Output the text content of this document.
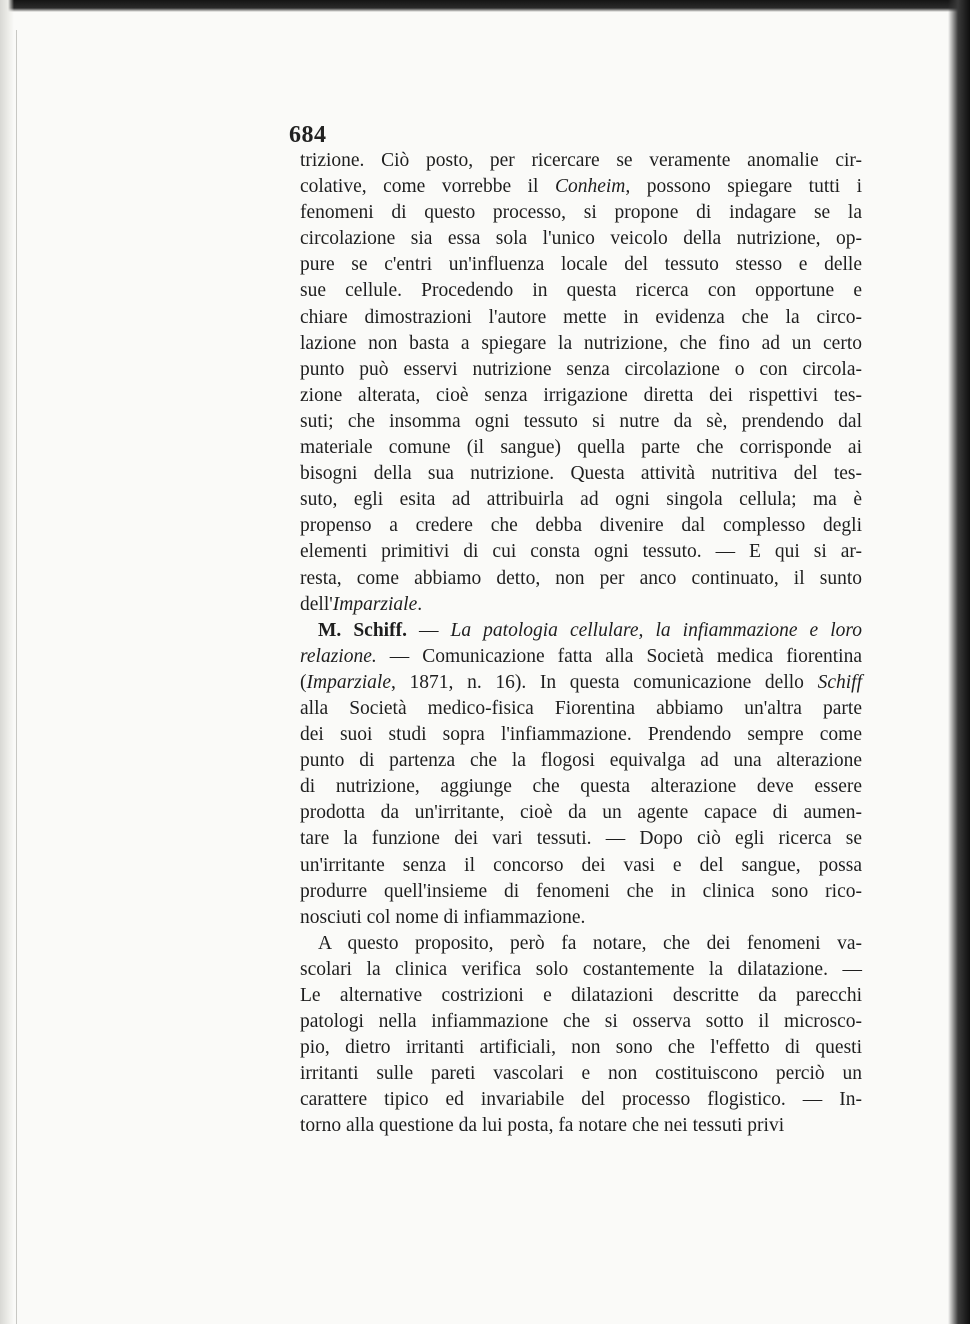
684
trizione. Ciò posto, per ricercare se veramente anomalie cir-
colative, come vorrebbe il Conheim, possono spiegare tutti i
fenomeni di questo processo, si propone di indagare se la
circolazione sia essa sola l'unico veicolo della nutrizione, op-
pure se c'entri un'influenza locale del tessuto stesso e delle
sue cellule. Procedendo in questa ricerca con opportune e
chiare dimostrazioni l'autore mette in evidenza che la circo-
lazione non basta a spiegare la nutrizione, che fino ad un certo
punto può esservi nutrizione senza circolazione o con circola-
zione alterata, cioè senza irrigazione diretta dei rispettivi tes-
suti; che insomma ogni tessuto si nutre da sè, prendendo dal
materiale comune (il sangue) quella parte che corrisponde ai
bisogni della sua nutrizione. Questa attività nutritiva del tes-
suto, egli esita ad attribuirla ad ogni singola cellula; ma è
propenso a credere che debba divenire dal complesso degli
elementi primitivi di cui consta ogni tessuto. — E qui si ar-
resta, come abbiamo detto, non per anco continuato, il sunto
dell'Imparziale.
M. Schiff. — La patologia cellulare, la infiammazione e loro
relazione. — Comunicazione fatta alla Società medica fiorentina
(Imparziale, 1871, n. 16). In questa comunicazione dello Schiff
alla Società medico-fisica Fiorentina abbiamo un'altra parte
dei suoi studi sopra l'infiammazione. Prendendo sempre come
punto di partenza che la flogosi equivalga ad una alterazione
di nutrizione, aggiunge che questa alterazione deve essere
prodotta da un'irritante, cioè da un agente capace di aumen-
tare la funzione dei vari tessuti. — Dopo ciò egli ricerca se
un'irritante senza il concorso dei vasi e del sangue, possa
produrre quell'insieme di fenomeni che in clinica sono rico-
nosciuti col nome di infiammazione.
A questo proposito, però fa notare, che dei fenomeni va-
scolari la clinica verifica solo costantemente la dilatazione. —
Le alternative costrizioni e dilatazioni descritte da parecchi
patologi nella infiammazione che si osserva sotto il microsco-
pio, dietro irritanti artificiali, non sono che l'effetto di questi
irritanti sulle pareti vascolari e non costituiscono perciò un
carattere tipico ed invariabile del processo flogistico. — In-
torno alla questione da lui posta, fa notare che nei tessuti privi
